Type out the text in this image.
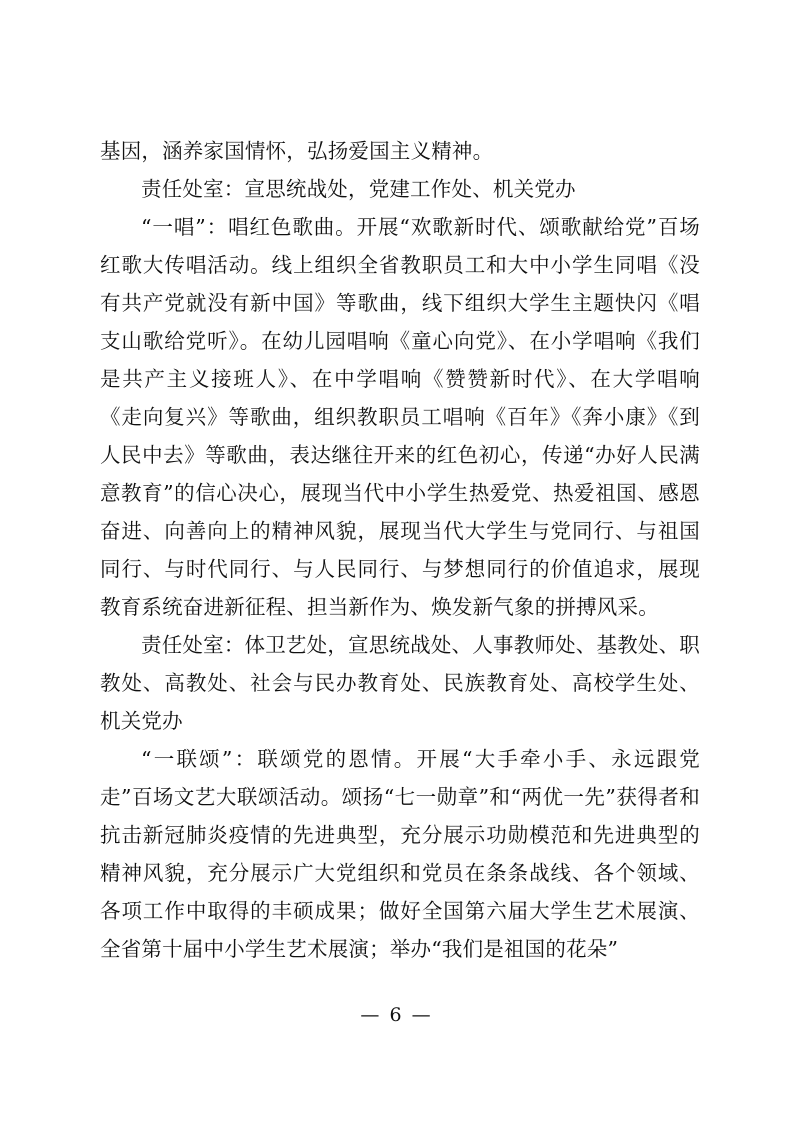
基因，涵养家国情怀，弘扬爱国主义精神。

责任处室：宣思统战处，党建工作处、机关党办

“一唱”：唱红色歌曲。开展“欢歌新时代、颂歌献给党”百场红歌大传唱活动。线上组织全省教职员工和大中小学生同唱《没有共产党就没有新中国》等歌曲，线下组织大学生主题快闪《唱支山歌给党听》。在幼儿园唱响《童心向党》、在小学唱响《我们是共产主义接班人》、在中学唱响《赞赞新时代》、在大学唱响《走向复兴》等歌曲，组织教职员工唱响《百年》《奔小康》《到人民中去》等歌曲，表达继往开来的红色初心，传递“办好人民满意教育”的信心决心，展现当代中小学生热爱党、热爱祖国、感恩奋进、向善向上的精神风貌，展现当代大学生与党同行、与祖国同行、与时代同行、与人民同行、与梦想同行的价值追求，展现教育系统奋进新征程、担当新作为、焕发新气象的拼搏风采。

责任处室：体卫艺处，宣思统战处、人事教师处、基教处、职教处、高教处、社会与民办教育处、民族教育处、高校学生处、机关党办

“一联颂”：联颂党的恩情。开展“大手牵小手、永远跟党走”百场文艺大联颂活动。颂扬“七一勋章”和“两优一先”获得者和抗击新冠肺炎疫情的先进典型，充分展示功勋模范和先进典型的精神风貌，充分展示广大党组织和党员在条条战线、各个领域、各项工作中取得的丰硕成果；做好全国第六届大学生艺术展演、全省第十届中小学生艺术展演；举办“我们是祖国的花朵”

— 6 —
